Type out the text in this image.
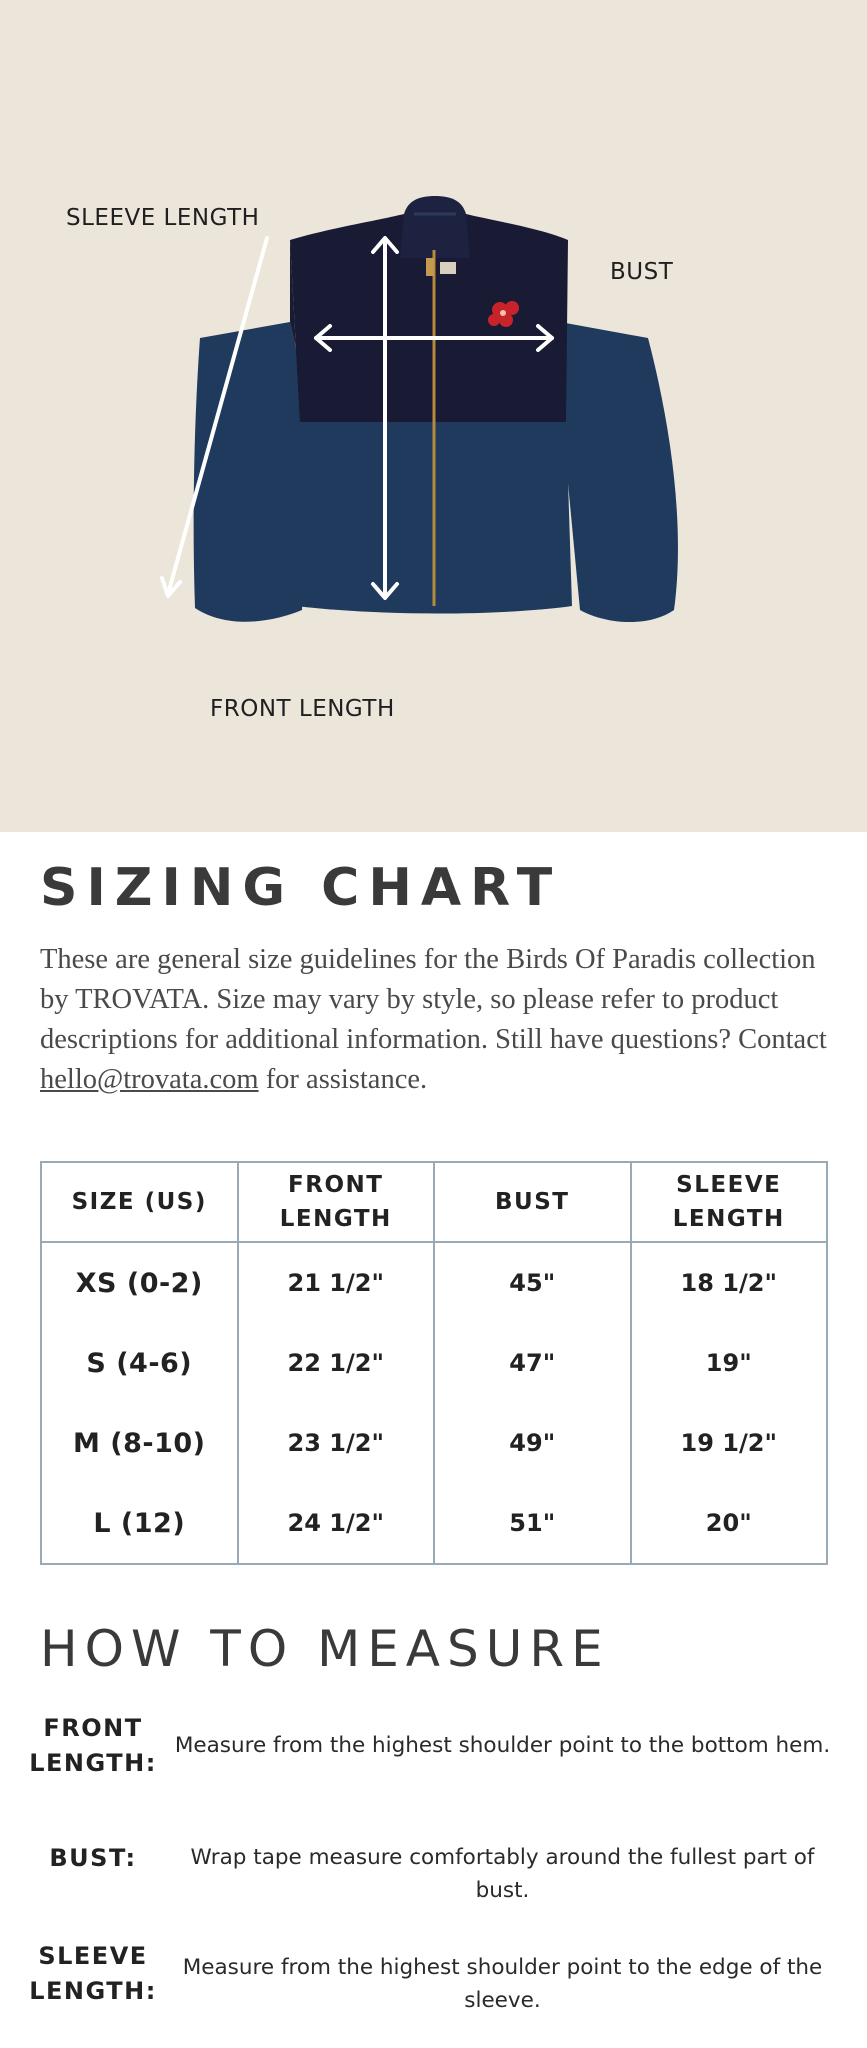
SLEEVE LENGTH
BUST
FRONT LENGTH
SIZING CHART

These are general size guidelines for the Birds Of Paradis collection by TROVATA. Size may vary by style, so please refer to product descriptions for additional information. Still have questions? Contact hello@trovata.com for assistance.

SIZE (US)	FRONT LENGTH	BUST	SLEEVE LENGTH
XS (0-2)	21 1/2"	45"	18 1/2"
S (4-6)	22 1/2"	47"	19"
M (8-10)	23 1/2"	49"	19 1/2"
L (12)	24 1/2"	51"	20"
HOW TO MEASURE
FRONT LENGTH:
Measure from the highest shoulder point to the bottom hem.
BUST:	Wrap tape measure comfortably around the fullest part of bust.
SLEEVE LENGTH:
Measure from the highest shoulder point to the edge of the sleeve.
